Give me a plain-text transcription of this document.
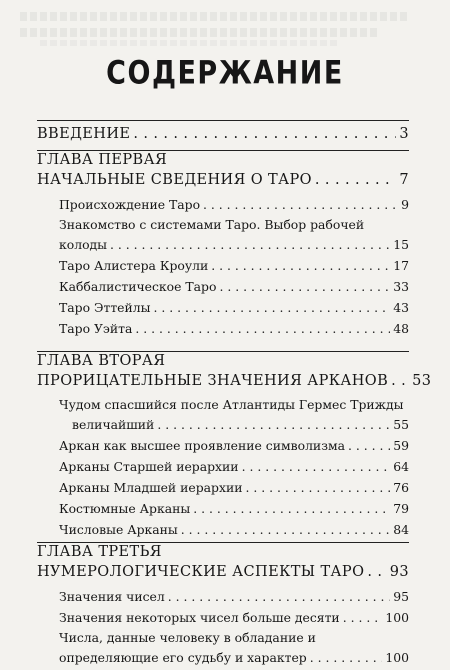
СОДЕРЖАНИЕ
ВВЕДЕНИЕ . . .	3
ГЛАВА ПЕРВАЯ
НАЧАЛЬНЫЕ СВЕДЕНИЯ О ТАРО . . .	7
Происхождение Таро . . .	9
Знакомство с системами Таро. Выбор рабочей
колоды . . .	15
Таро Алистера Кроули . . .	17
Каббалистическое Таро . . .	33
Таро Эттейлы . . .	43
Таро Уэйта . . .	48
ГЛАВА ВТОРАЯ
ПРОРИЦАТЕЛЬНЫЕ ЗНАЧЕНИЯ АРКАНОВ . . . 53
Чудом спасшийся после Атлантиды Гермес Трижды
величайший . . .	55
Аркан как высшее проявление символизма . . .	59
Арканы Старшей иерархии . . .	64
Арканы Младшей иерархии . . .	76
Костюмные Арканы . . .	79
Числовые Арканы . . .	84
ГЛАВА ТРЕТЬЯ
НУМЕРОЛОГИЧЕСКИЕ АСПЕКТЫ ТАРО . . . 93
Значения чисел . . .	95
Значения некоторых чисел больше десяти . . .	100
Числа, данные человеку в обладание и
определяющие его судьбу и характер . . .	100
